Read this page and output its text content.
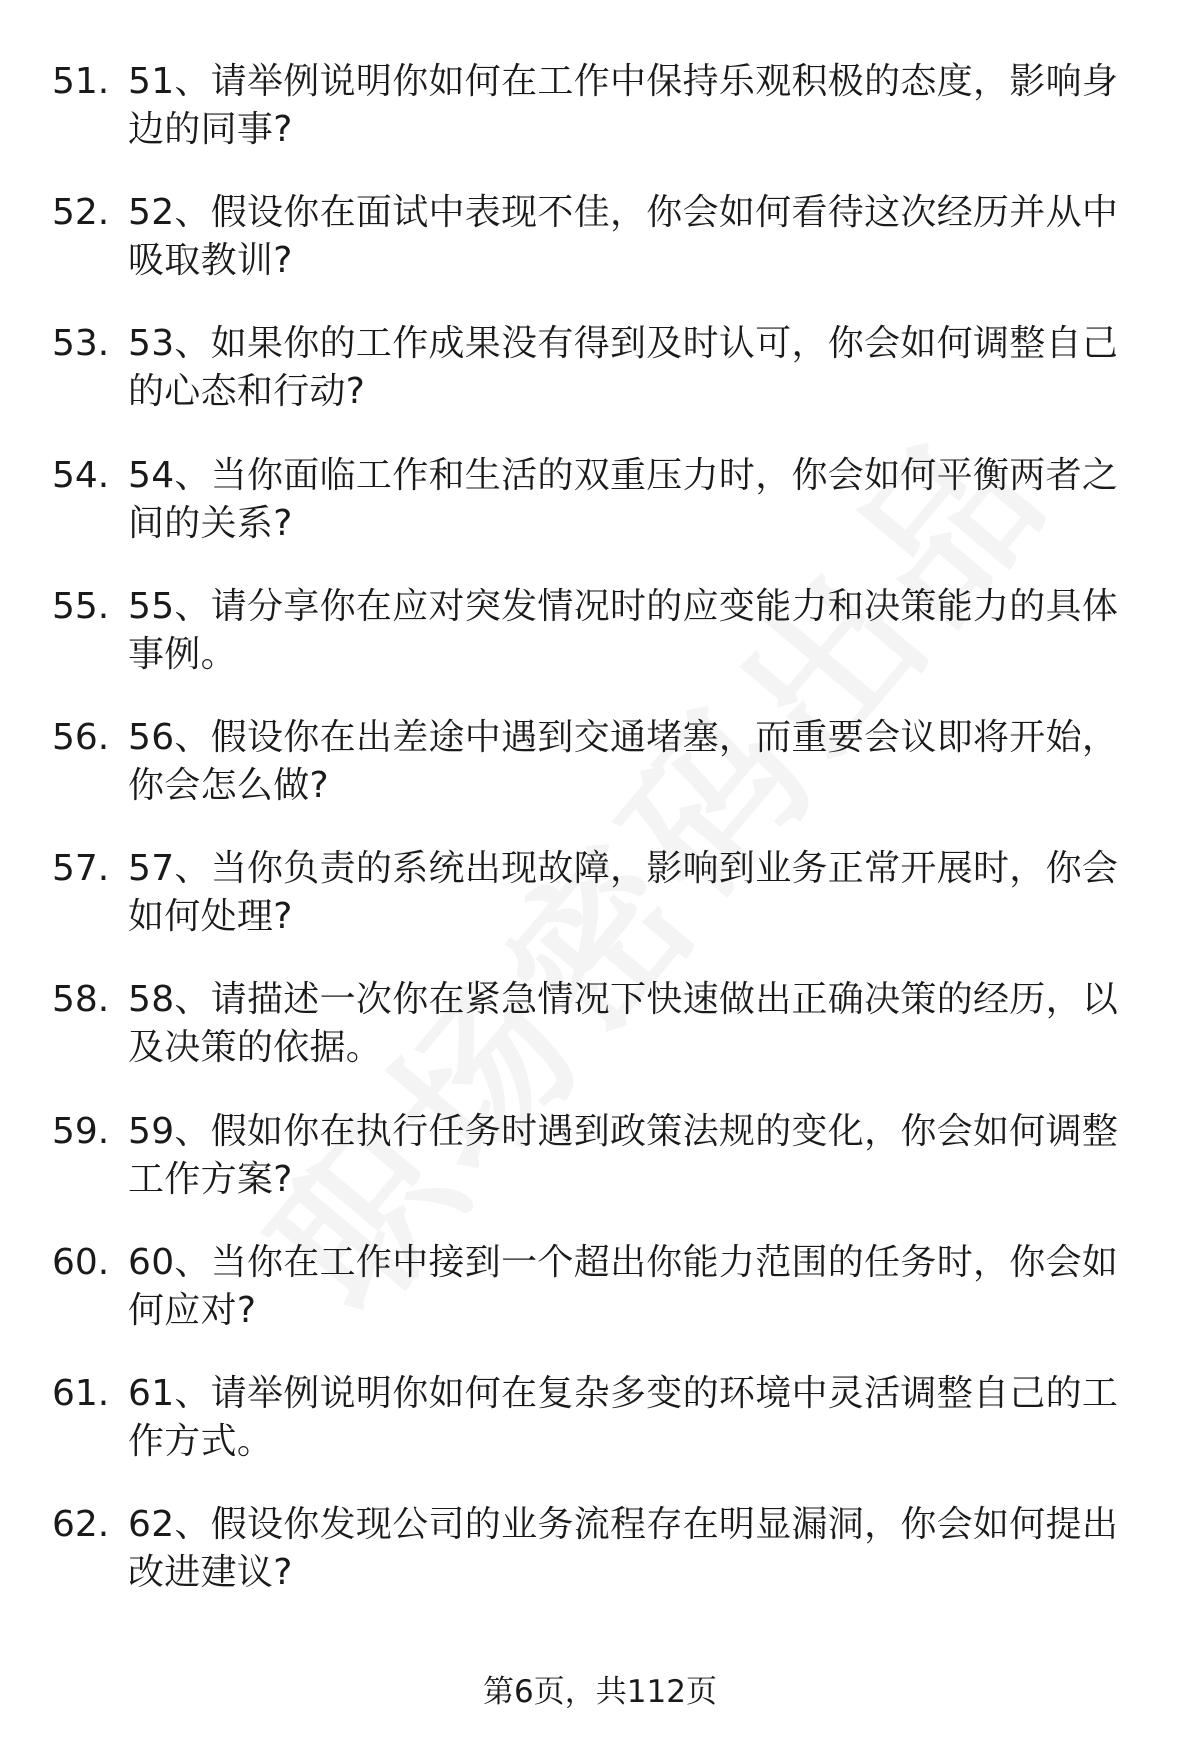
51. 51、请举例说明你如何在工作中保持乐观积极的态度，影响身边的同事?
52. 52、假设你在面试中表现不佳，你会如何看待这次经历并从中吸取教训?
53. 53、如果你的工作成果没有得到及时认可，你会如何调整自己的心态和行动?
54. 54、当你面临工作和生活的双重压力时，你会如何平衡两者之间的关系?
55. 55、请分享你在应对突发情况时的应变能力和决策能力的具体事例。
56. 56、假设你在出差途中遇到交通堵塞，而重要会议即将开始，你会怎么做?
57. 57、当你负责的系统出现故障，影响到业务正常开展时，你会如何处理?
58. 58、请描述一次你在紧急情况下快速做出正确决策的经历，以及决策的依据。
59. 59、假如你在执行任务时遇到政策法规的变化，你会如何调整工作方案?
60. 60、当你在工作中接到一个超出你能力范围的任务时，你会如何应对?
61. 61、请举例说明你如何在复杂多变的环境中灵活调整自己的工作方式。
62. 62、假设你发现公司的业务流程存在明显漏洞，你会如何提出改进建议?
第6页，共112页
